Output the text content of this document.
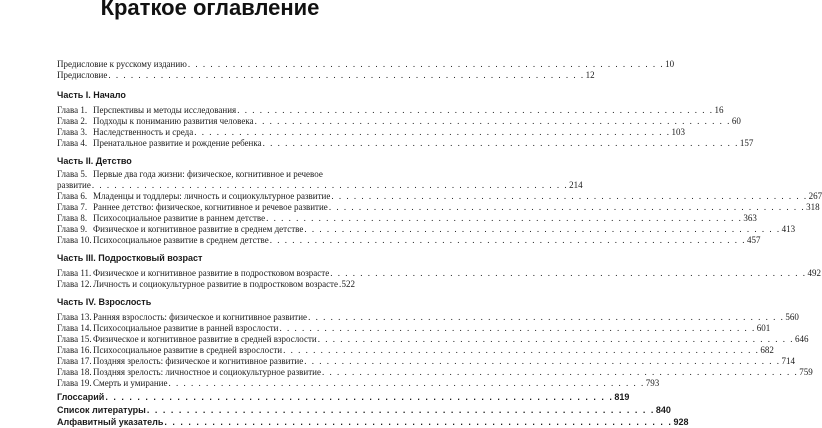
Краткое оглавление
Предисловие к русскому изданию . . . . . . . . . . . . . . . . . . . . . . . . . . . . . . . . . . . . . . . . . . . . . . . . . . . . . . . . . . . . . . . . 10
Предисловие . . . . . . . . . . . . . . . . . . . . . . . . . . . . . . . . . . . . . . . . . . . . . . . . . . . . . . . . . . . . . . . . 12
Часть I. Начало
Глава 1. Перспективы и методы исследования . . . . . . . . . . . . . . . . . . . . . . . . . . . . . . . . . . . . . . . . . . . . . . . . . . . . . . . . . . . . . . . . 16
Глава 2. Подходы к пониманию развития человека . . . . . . . . . . . . . . . . . . . . . . . . . . . . . . . . . . . . . . . . . . . . . . . . . . . . . . . . . . . . . . . . 60
Глава 3. Наследственность и среда . . . . . . . . . . . . . . . . . . . . . . . . . . . . . . . . . . . . . . . . . . . . . . . . . . . . . . . . . . . . . . . . 103
Глава 4. Пренатальное развитие и рождение ребенка . . . . . . . . . . . . . . . . . . . . . . . . . . . . . . . . . . . . . . . . . . . . . . . . . . . . . . . . . . . . . . . . 157
Часть II. Детство
Глава 5. Первые два года жизни: физическое, когнитивное и речевое
развитие . . . . . . . . . . . . . . . . . . . . . . . . . . . . . . . . . . . . . . . . . . . . . . . . . . . . . . . . . . . . . . . . 214
Глава 6. Младенцы и тоддлеры: личность и социокультурное развитие . . . . . . . . . . . . . . . . . . . . . . . . . . . . . . . . . . . . . . . . . . . . . . . . . . . . . . . . . . . . . . . . 267
Глава 7. Раннее детство: физическое, когнитивное и речевое развитие . . . . . . . . . . . . . . . . . . . . . . . . . . . . . . . . . . . . . . . . . . . . . . . . . . . . . . . . . . . . . . . . 318
Глава 8. Психосоциальное развитие в раннем детстве . . . . . . . . . . . . . . . . . . . . . . . . . . . . . . . . . . . . . . . . . . . . . . . . . . . . . . . . . . . . . . . . 363
Глава 9. Физическое и когнитивное развитие в среднем детстве . . . . . . . . . . . . . . . . . . . . . . . . . . . . . . . . . . . . . . . . . . . . . . . . . . . . . . . . . . . . . . . . 413
Глава 10.Психосоциальное развитие в среднем детстве . . . . . . . . . . . . . . . . . . . . . . . . . . . . . . . . . . . . . . . . . . . . . . . . . . . . . . . . . . . . . . . . 457
Часть III. Подростковый возраст
Глава 11. Физическое и когнитивное развитие в подростковом возрасте . . . . . . . . . . . . . . . . . . . . . . . . . . . . . . . . . . . . . . . . . . . . . . . . . . . . . . . . . . . . . . . . 492
Глава 12.Личность и социокультурное развитие в подростковом возрасте 522
Часть IV. Взрослость
Глава 13.Ранняя взрослость: физическое и когнитивное развитие . . . . . . . . . . . . . . . . . . . . . . . . . . . . . . . . . . . . . . . . . . . . . . . . . . . . . . . . . . . . . . . . 560
Глава 14.Психосоциальное развитие в ранней взрослости . . . . . . . . . . . . . . . . . . . . . . . . . . . . . . . . . . . . . . . . . . . . . . . . . . . . . . . . . . . . . . . . 601
Глава 15.Физическое и когнитивное развитие в средней взрослости . . . . . . . . . . . . . . . . . . . . . . . . . . . . . . . . . . . . . . . . . . . . . . . . . . . . . . . . . . . . . . . . 646
Глава 16.Психосоциальное развитие в средней взрослости . . . . . . . . . . . . . . . . . . . . . . . . . . . . . . . . . . . . . . . . . . . . . . . . . . . . . . . . . . . . . . . . 682
Глава 17.Поздняя зрелость: физическое и когнитивное развитие . . . . . . . . . . . . . . . . . . . . . . . . . . . . . . . . . . . . . . . . . . . . . . . . . . . . . . . . . . . . . . . . 714
Глава 18.Поздняя зрелость: личностное и социокультурное развитие . . . . . . . . . . . . . . . . . . . . . . . . . . . . . . . . . . . . . . . . . . . . . . . . . . . . . . . . . . . . . . . . 759
Глава 19.Смерть и умирание . . . . . . . . . . . . . . . . . . . . . . . . . . . . . . . . . . . . . . . . . . . . . . . . . . . . . . . . . . . . . . . . 793
Глоссарий . . . . . . . . . . . . . . . . . . . . . . . . . . . . . . . . . . . . . . . . . . . . . . . . . . . . . . . . . . . . . . . . 819
Список литературы . . . . . . . . . . . . . . . . . . . . . . . . . . . . . . . . . . . . . . . . . . . . . . . . . . . . . . . . . . . . . . . . 840
Алфавитный указатель . . . . . . . . . . . . . . . . . . . . . . . . . . . . . . . . . . . . . . . . . . . . . . . . . . . . . . . . . . . . . . . . 928
